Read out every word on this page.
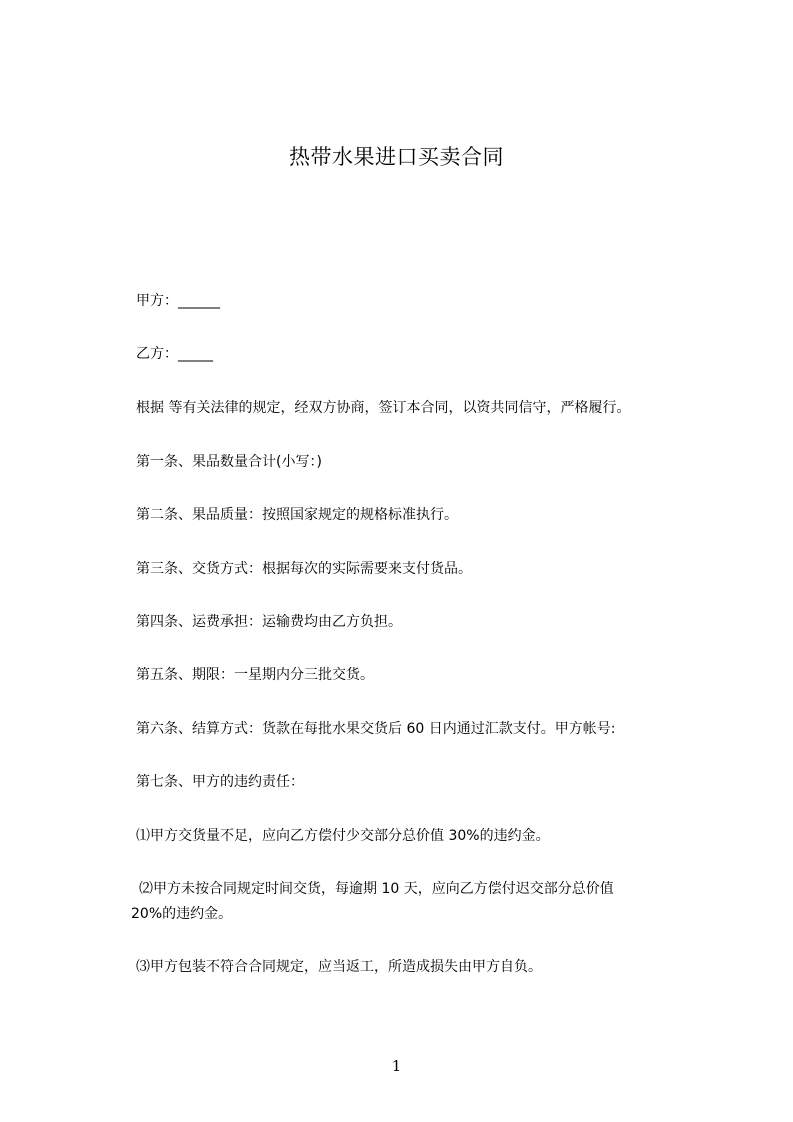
热带水果进口买卖合同
甲方：______
乙方：_____
根据 等有关法律的规定，经双方协商，签订本合同，以资共同信守，严格履行。
第一条、果品数量合计(小写：)
第二条、果品质量：按照国家规定的规格标准执行。
第三条、交货方式：根据每次的实际需要来支付货品。
第四条、运费承担：运输费均由乙方负担。
第五条、期限：一星期内分三批交货。
第六条、结算方式：货款在每批水果交货后 60 日内通过汇款支付。甲方帐号:
第七条、甲方的违约责任：
⑴甲方交货量不足，应向乙方偿付少交部分总价值 30%的违约金。
⑵甲方未按合同规定时间交货，每逾期 10 天，应向乙方偿付迟交部分总价值
20%的违约金。
⑶甲方包装不符合合同规定，应当返工，所造成损失由甲方自负。
1
